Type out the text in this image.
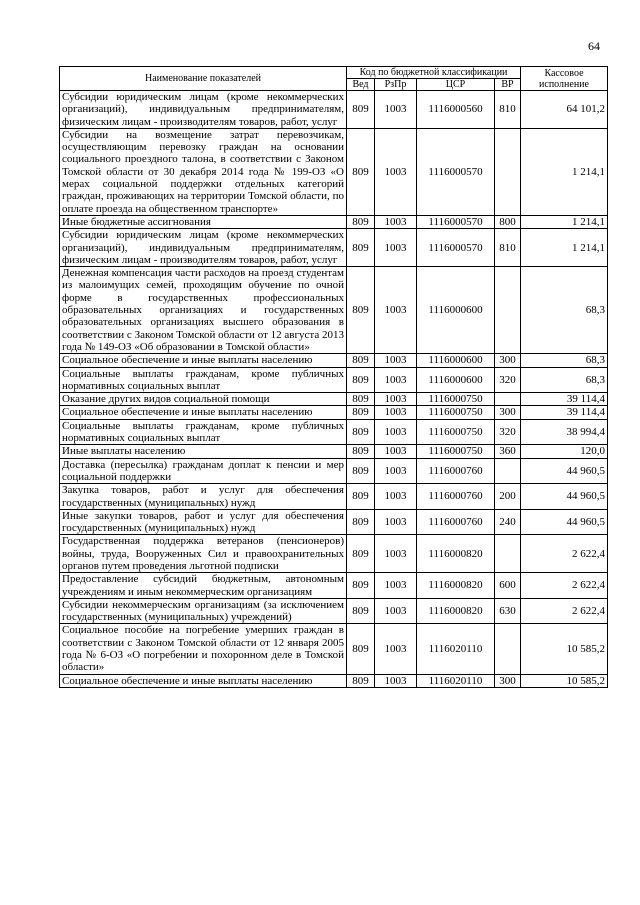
64
Наименование показателей	Код по бюджетной классификации				Кассовое исполнение
	Вед	РзПр	ЦСР	ВР	
Субсидии юридическим лицам (кроме некоммерческих организаций), индивидуальным предпринимателям, физическим лицам - производителям товаров, работ, услуг	809	1003	1116000560	810	64 101,2
Субсидии на возмещение затрат перевозчикам, осуществляющим перевозку граждан на основании социального проездного талона, в соответствии с Законом Томской области от 30 декабря 2014 года № 199-ОЗ «О мерах социальной поддержки отдельных категорий граждан, проживающих на территории Томской области, по оплате проезда на общественном транспорте»	809	1003	1116000570		1 214,1
Иные бюджетные ассигнования	809	1003	1116000570	800	1 214,1
Субсидии юридическим лицам (кроме некоммерческих организаций), индивидуальным предпринимателям, физическим лицам - производителям товаров, работ, услуг	809	1003	1116000570	810	1 214,1
Денежная компенсация части расходов на проезд студентам из малоимущих семей, проходящим обучение по очной форме в государственных профессиональных образовательных организациях и государственных образовательных организациях высшего образования в соответствии с Законом Томской области от 12 августа 2013 года № 149-ОЗ «Об образовании в Томской области»	809	1003	1116000600		68,3
Социальное обеспечение и иные выплаты населению	809	1003	1116000600	300	68,3
Социальные выплаты гражданам, кроме публичных нормативных социальных выплат	809	1003	1116000600	320	68,3
Оказание других видов социальной помощи	809	1003	1116000750		39 114,4
Социальное обеспечение и иные выплаты населению	809	1003	1116000750	300	39 114,4
Социальные выплаты гражданам, кроме публичных нормативных социальных выплат	809	1003	1116000750	320	38 994,4
Иные выплаты населению	809	1003	1116000750	360	120,0
Доставка (пересылка) гражданам доплат к пенсии и мер социальной поддержки	809	1003	1116000760		44 960,5
Закупка товаров, работ и услуг для обеспечения государственных (муниципальных) нужд	809	1003	1116000760	200	44 960,5
Иные закупки товаров, работ и услуг для обеспечения государственных (муниципальных) нужд	809	1003	1116000760	240	44 960,5
Государственная поддержка ветеранов (пенсионеров) войны, труда, Вооруженных Сил и правоохранительных органов путем проведения льготной подписки	809	1003	1116000820		2 622,4
Предоставление субсидий бюджетным, автономным учреждениям и иным некоммерческим организациям	809	1003	1116000820	600	2 622,4
Субсидии некоммерческим организациям (за исключением государственных (муниципальных) учреждений)	809	1003	1116000820	630	2 622,4
Социальное пособие на погребение умерших граждан в соответствии с Законом Томской области от 12 января 2005 года № 6-ОЗ «О погребении и похоронном деле в Томской области»	809	1003	1116020110		10 585,2
Социальное обеспечение и иные выплаты населению	809	1003	1116020110	300	10 585,2
